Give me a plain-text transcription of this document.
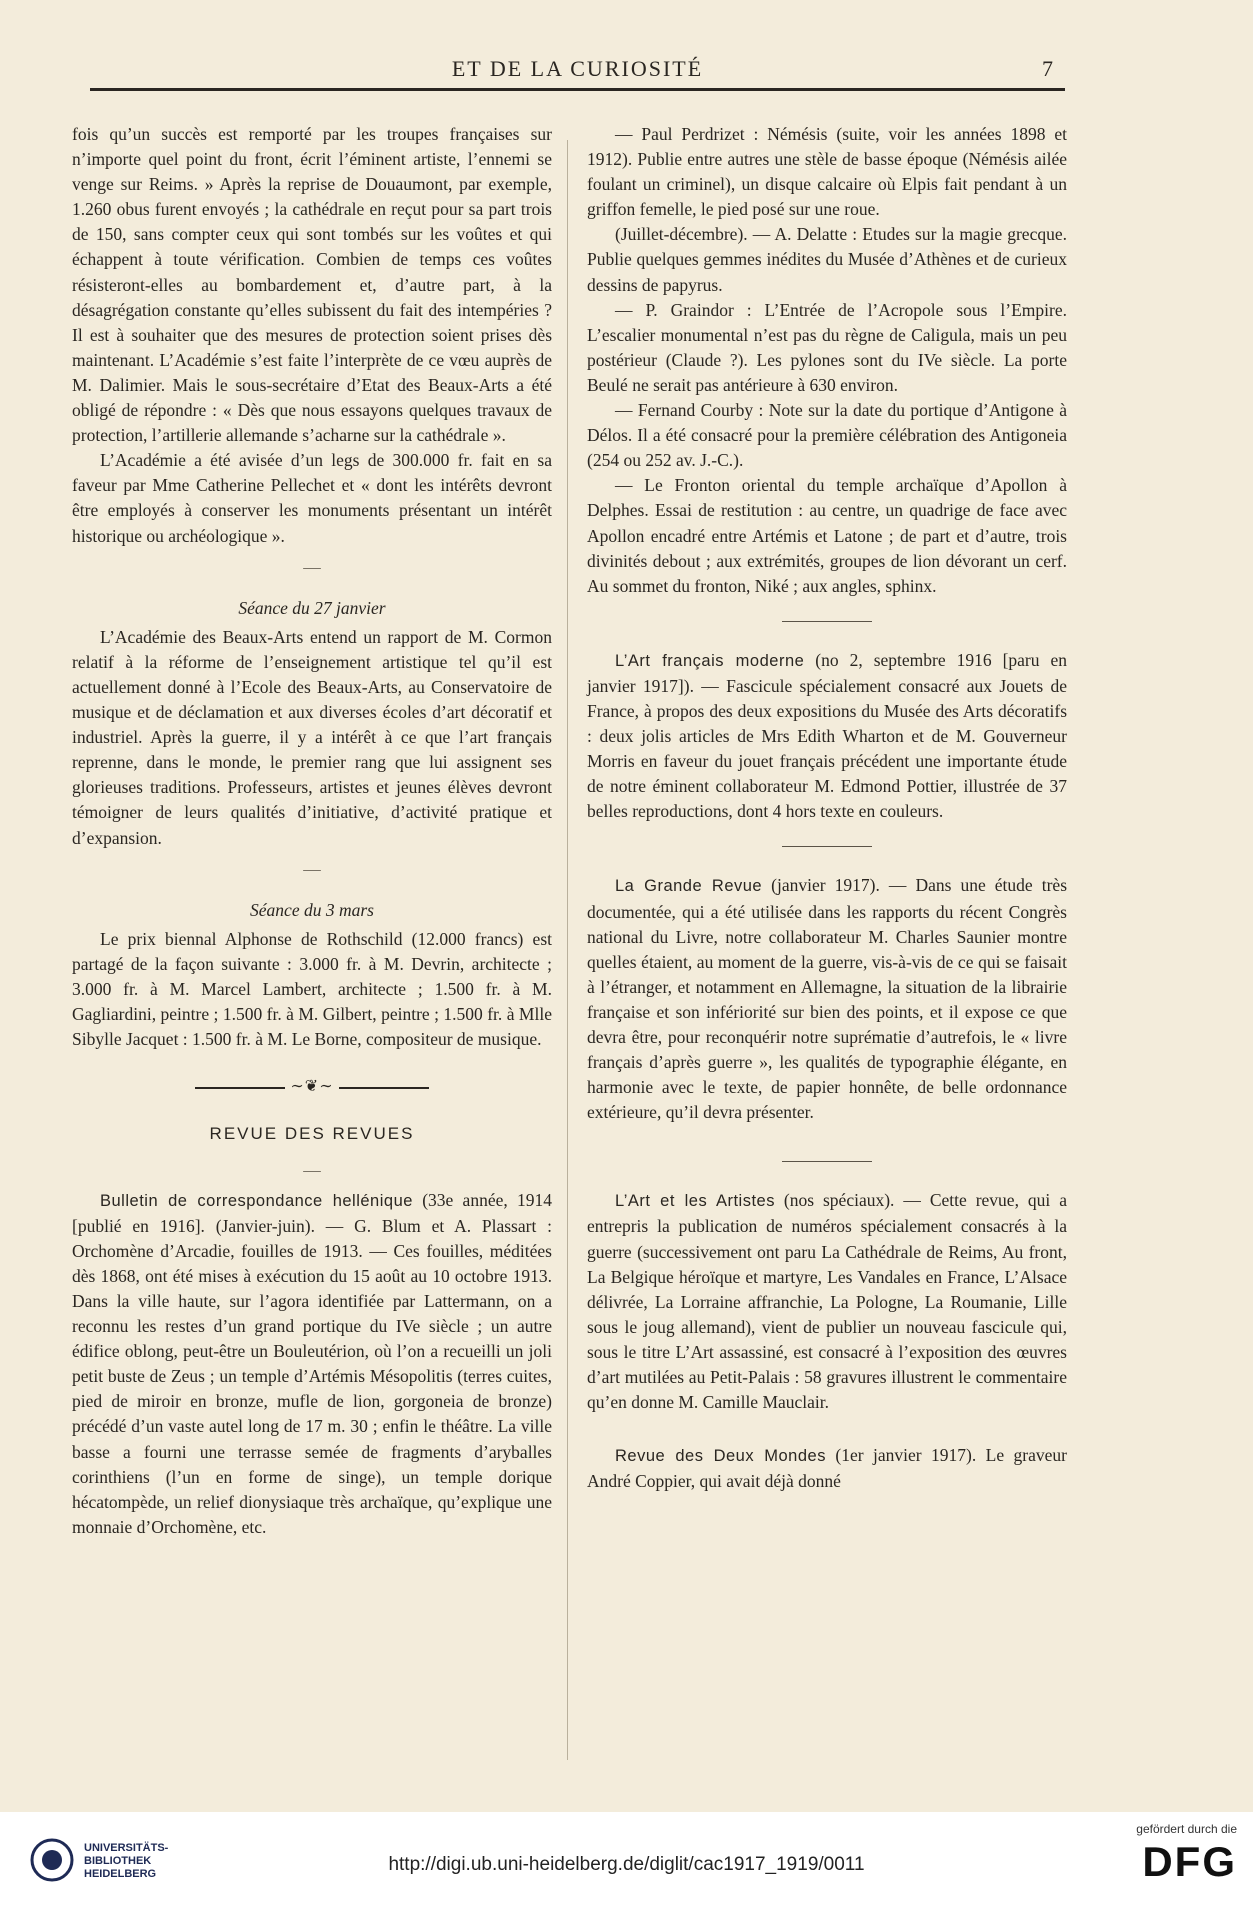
ET DE LA CURIOSITÉ	7

fois qu’un succès est remporté par les troupes françaises sur n’importe quel point du front, écrit l’éminent artiste, l’ennemi se venge sur Reims. » Après la reprise de Douaumont, par exemple, 1.260 obus furent envoyés ; la cathédrale en reçut pour sa part trois de 150, sans compter ceux qui sont tombés sur les voûtes et qui échappent à toute vérification. Combien de temps ces voûtes résisteront-elles au bombardement et, d’autre part, à la désagrégation constante qu’elles subissent du fait des intempéries ? Il est à souhaiter que des mesures de protection soient prises dès maintenant. L’Académie s’est faite l’interprète de ce vœu auprès de M. Dalimier. Mais le sous-secrétaire d’Etat des Beaux-Arts a été obligé de répondre : « Dès que nous essayons quelques travaux de protection, l’artillerie allemande s’acharne sur la cathédrale ».

L’Académie a été avisée d’un legs de 300.000 fr. fait en sa faveur par Mme Catherine Pellechet et « dont les intérêts devront être employés à conserver les monuments présentant un intérêt historique ou archéologique ».

—
Séance du 27 janvier

L’Académie des Beaux-Arts entend un rapport de M. Cormon relatif à la réforme de l’enseignement artistique tel qu’il est actuellement donné à l’Ecole des Beaux-Arts, au Conservatoire de musique et de déclamation et aux diverses écoles d’art décoratif et industriel. Après la guerre, il y a intérêt à ce que l’art français reprenne, dans le monde, le premier rang que lui assignent ses glorieuses traditions. Professeurs, artistes et jeunes élèves devront témoigner de leurs qualités d’initiative, d’activité pratique et d’expansion.

—
Séance du 3 mars

Le prix biennal Alphonse de Rothschild (12.000 francs) est partagé de la façon suivante : 3.000 fr. à M. Devrin, architecte ; 3.000 fr. à M. Marcel Lambert, architecte ; 1.500 fr. à M. Gagliardini, peintre ; 1.500 fr. à M. Gilbert, peintre ; 1.500 fr. à Mlle Sibylle Jacquet : 1.500 fr. à M. Le Borne, compositeur de musique.

∼❦∼
REVUE DES REVUES
—

Bulletin de correspondance hellénique (33e année, 1914 [publié en 1916]. (Janvier-juin). — G. Blum et A. Plassart : Orchomène d’Arcadie, fouilles de 1913. — Ces fouilles, méditées dès 1868, ont été mises à exécution du 15 août au 10 octobre 1913. Dans la ville haute, sur l’agora identifiée par Lattermann, on a reconnu les restes d’un grand portique du IVe siècle ; un autre édifice oblong, peut-être un Bouleutérion, où l’on a recueilli un joli petit buste de Zeus ; un temple d’Artémis Mésopolitis (terres cuites, pied de miroir en bronze, mufle de lion, gorgoneia de bronze) précédé d’un vaste autel long de 17 m. 30 ; enfin le théâtre. La ville basse a fourni une terrasse semée de fragments d’aryballes corinthiens (l’un en forme de singe), un temple dorique hécatompède, un relief dionysiaque très archaïque, qu’explique une monnaie d’Orchomène, etc.

— Paul Perdrizet : Némésis (suite, voir les années 1898 et 1912). Publie entre autres une stèle de basse époque (Némésis ailée foulant un criminel), un disque calcaire où Elpis fait pendant à un griffon femelle, le pied posé sur une roue.

(Juillet-décembre). — A. Delatte : Etudes sur la magie grecque. Publie quelques gemmes inédites du Musée d’Athènes et de curieux dessins de papyrus.

— P. Graindor : L’Entrée de l’Acropole sous l’Empire. L’escalier monumental n’est pas du règne de Caligula, mais un peu postérieur (Claude ?). Les pylones sont du IVe siècle. La porte Beulé ne serait pas antérieure à 630 environ.

— Fernand Courby : Note sur la date du portique d’Antigone à Délos. Il a été consacré pour la première célébration des Antigoneia (254 ou 252 av. J.-C.).

— Le Fronton oriental du temple archaïque d’Apollon à Delphes. Essai de restitution : au centre, un quadrige de face avec Apollon encadré entre Artémis et Latone ; de part et d’autre, trois divinités debout ; aux extrémités, groupes de lion dévorant un cerf. Au sommet du fronton, Niké ; aux angles, sphinx.

L’Art français moderne (no 2, septembre 1916 [paru en janvier 1917]). — Fascicule spécialement consacré aux Jouets de France, à propos des deux expositions du Musée des Arts décoratifs : deux jolis articles de Mrs Edith Wharton et de M. Gouverneur Morris en faveur du jouet français précédent une importante étude de notre éminent collaborateur M. Edmond Pottier, illustrée de 37 belles reproductions, dont 4 hors texte en couleurs.

La Grande Revue (janvier 1917). — Dans une étude très documentée, qui a été utilisée dans les rapports du récent Congrès national du Livre, notre collaborateur M. Charles Saunier montre quelles étaient, au moment de la guerre, vis-à-vis de ce qui se faisait à l’étranger, et notamment en Allemagne, la situation de la librairie française et son infériorité sur bien des points, et il expose ce que devra être, pour reconquérir notre suprématie d’autrefois, le « livre français d’après guerre », les qualités de typographie élégante, en harmonie avec le texte, de papier honnête, de belle ordonnance extérieure, qu’il devra présenter.

L’Art et les Artistes (nos spéciaux). — Cette revue, qui a entrepris la publication de numéros spécialement consacrés à la guerre (successivement ont paru La Cathédrale de Reims, Au front, La Belgique héroïque et martyre, Les Vandales en France, L’Alsace délivrée, La Lorraine affranchie, La Pologne, La Roumanie, Lille sous le joug allemand), vient de publier un nouveau fascicule qui, sous le titre L’Art assassiné, est consacré à l’exposition des œuvres d’art mutilées au Petit-Palais : 58 gravures illustrent le commentaire qu’en donne M. Camille Mauclair.

Revue des Deux Mondes (1er janvier 1917). Le graveur André Coppier, qui avait déjà donné

UNIVERSITÄTS-
BIBLIOTHEK
HEIDELBERG	http://digi.ub.uni-heidelberg.de/diglit/cac1917_1919/0011
gefördert durch die
DFG
